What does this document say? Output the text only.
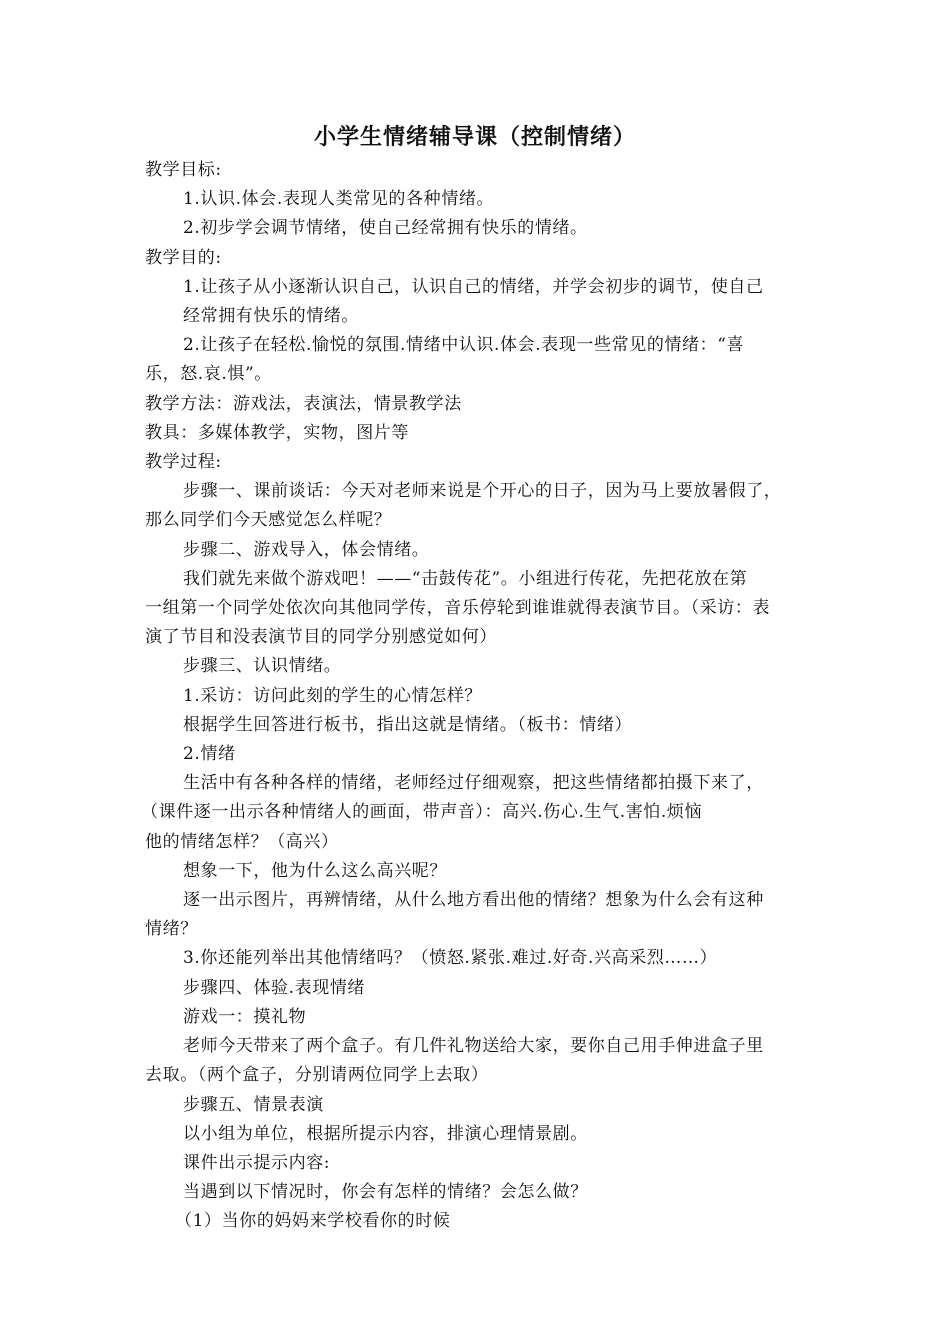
小学生情绪辅导课（控制情绪）

教学目标:

1.认识.体会.表现人类常见的各种情绪。

2.初步学会调节情绪，使自己经常拥有快乐的情绪。

教学目的:

1.让孩子从小逐渐认识自己，认识自己的情绪，并学会初步的调节，使自己

经常拥有快乐的情绪。

2.让孩子在轻松.愉悦的氛围.情绪中认识.体会.表现一些常见的情绪：“喜

乐，怒.哀.惧”。

教学方法：游戏法，表演法，情景教学法

教具：多媒体教学，实物，图片等

教学过程:

步骤一、课前谈话：今天对老师来说是个开心的日子，因为马上要放暑假了，

那么同学们今天感觉怎么样呢？

步骤二、游戏导入，体会情绪。

我们就先来做个游戏吧！——“击鼓传花”。小组进行传花，先把花放在第

一组第一个同学处依次向其他同学传，音乐停轮到谁谁就得表演节目。（采访：表

演了节目和没表演节目的同学分别感觉如何）

步骤三、认识情绪。

1.采访：访问此刻的学生的心情怎样？

根据学生回答进行板书，指出这就是情绪。（板书：情绪）

2.情绪

生活中有各种各样的情绪，老师经过仔细观察，把这些情绪都拍摄下来了，

（课件逐一出示各种情绪人的画面，带声音）：高兴.伤心.生气.害怕.烦恼

他的情绪怎样？（高兴）

想象一下，他为什么这么高兴呢？

逐一出示图片，再辨情绪，从什么地方看出他的情绪？想象为什么会有这种

情绪？

3.你还能列举出其他情绪吗？（愤怒.紧张.难过.好奇.兴高采烈……）

步骤四、体验.表现情绪

游戏一：摸礼物

老师今天带来了两个盒子。有几件礼物送给大家，要你自己用手伸进盒子里

去取。（两个盒子，分别请两位同学上去取）

步骤五、情景表演

以小组为单位，根据所提示内容，排演心理情景剧。

课件出示提示内容:

当遇到以下情况时，你会有怎样的情绪？会怎么做？

（1）当你的妈妈来学校看你的时候
